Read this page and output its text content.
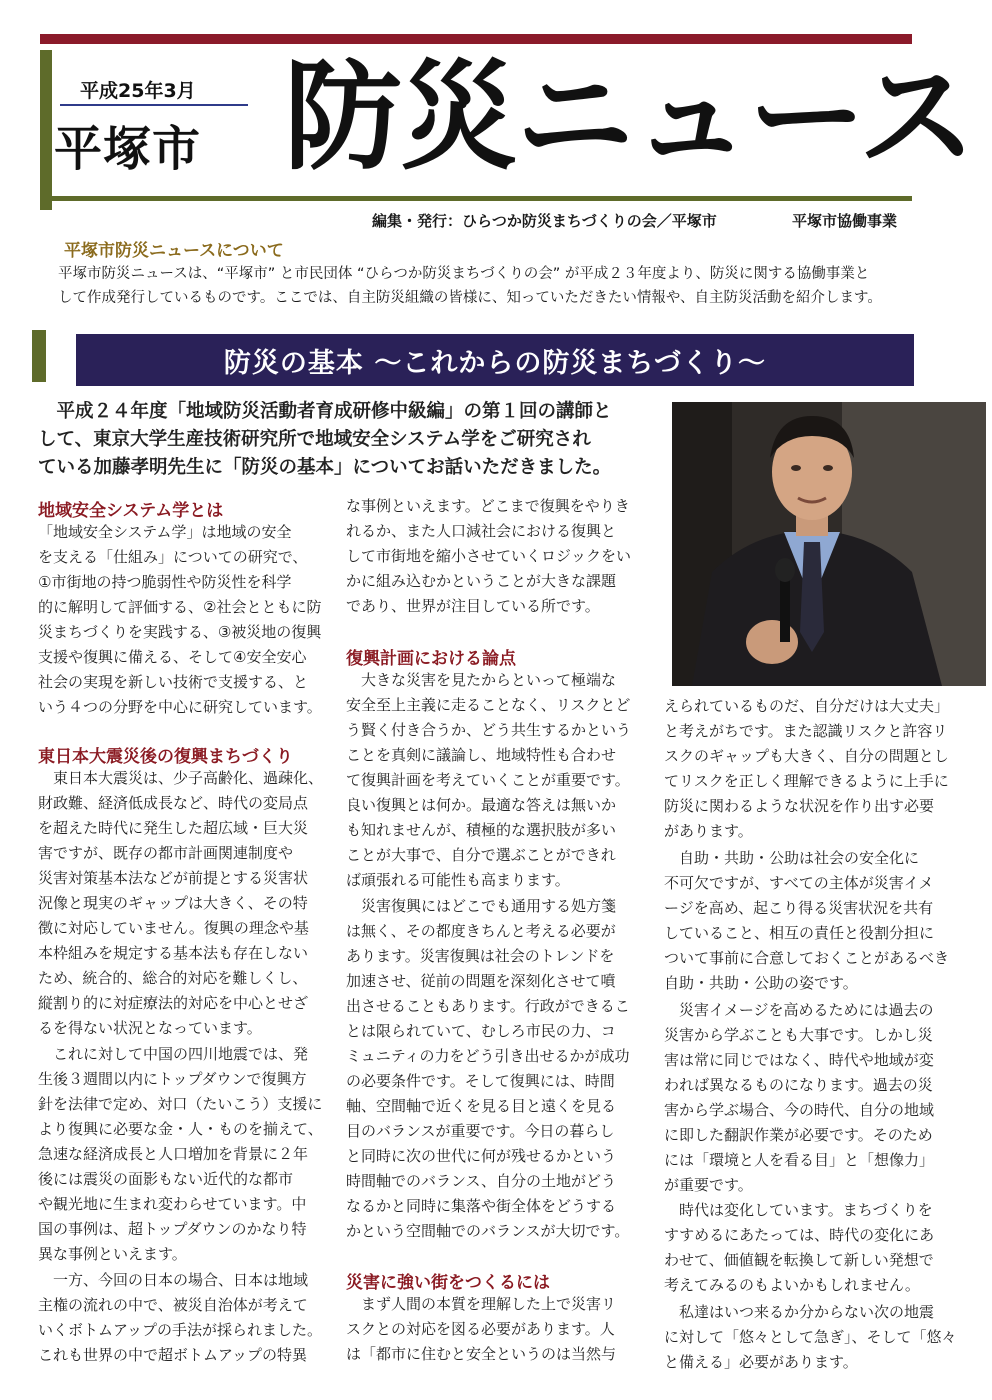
平成25年3月
平塚市 防災ニュース
編集・発行：ひらつか防災まちづくりの会／平塚市	平塚市協働事業
平塚市防災ニュースについて
平塚市防災ニュースは、“平塚市” と市民団体 “ひらつか防災まちづくりの会” が平成２３年度より、防災に関する協働事業と
して作成発行しているものです。ここでは、自主防災組織の皆様に、知っていただきたい情報や、自主防災活動を紹介します。
防災の基本 〜これからの防災まちづくり〜
　平成２４年度「地域防災活動者育成研修中級編」の第１回の講師と
して、東京大学生産技術研究所で地域安全システム学をご研究され
ている加藤孝明先生に「防災の基本」についてお話いただきました。
地域安全システム学とは
「地域安全システム学」は地域の安全
を支える「仕組み」についての研究で、
①市街地の持つ脆弱性や防災性を科学
的に解明して評価する、②社会とともに防
災まちづくりを実践する、③被災地の復興
支援や復興に備える、そして④安全安心
社会の実現を新しい技術で支援する、と
いう４つの分野を中心に研究しています。
東日本大震災後の復興まちづくり
東日本大震災は、少子高齢化、過疎化、
財政難、経済低成長など、時代の変局点
を超えた時代に発生した超広域・巨大災
害ですが、既存の都市計画関連制度や
災害対策基本法などが前提とする災害状
況像と現実のギャップは大きく、その特
徴に対応していません。復興の理念や基
本枠組みを規定する基本法も存在しない
ため、統合的、総合的対応を難しくし、
縦割り的に対症療法的対応を中心とせざ
るを得ない状況となっています。
これに対して中国の四川地震では、発
生後３週間以内にトップダウンで復興方
針を法律で定め、対口（たいこう）支援に
より復興に必要な金・人・ものを揃えて、
急速な経済成長と人口増加を背景に２年
後には震災の面影もない近代的な都市
や観光地に生まれ変わらせています。中
国の事例は、超トップダウンのかなり特
異な事例といえます。
一方、今回の日本の場合、日本は地域
主権の流れの中で、被災自治体が考えて
いくボトムアップの手法が採られました。
これも世界の中で超ボトムアップの特異
な事例といえます。どこまで復興をやりき
れるか、また人口減社会における復興と
して市街地を縮小させていくロジックをい
かに組み込むかということが大きな課題
であり、世界が注目している所です。
復興計画における論点
大きな災害を見たからといって極端な
安全至上主義に走ることなく、リスクとど
う賢く付き合うか、どう共生するかという
ことを真剣に議論し、地域特性も合わせ
て復興計画を考えていくことが重要です。
良い復興とは何か。最適な答えは無いか
も知れませんが、積極的な選択肢が多い
ことが大事で、自分で選ぶことができれ
ば頑張れる可能性も高まります。
災害復興にはどこでも通用する処方箋
は無く、その都度きちんと考える必要が
あります。災害復興は社会のトレンドを
加速させ、従前の問題を深刻化させて噴
出させることもあります。行政ができるこ
とは限られていて、むしろ市民の力、コ
ミュニティの力をどう引き出せるかが成功
の必要条件です。そして復興には、時間
軸、空間軸で近くを見る目と遠くを見る
目のバランスが重要です。今日の暮らし
と同時に次の世代に何が残せるかという
時間軸でのバランス、自分の土地がどう
なるかと同時に集落や街全体をどうする
かという空間軸でのバランスが大切です。
災害に強い街をつくるには
まず人間の本質を理解した上で災害リ
スクとの対応を図る必要があります。人
は「都市に住むと安全というのは当然与
えられているものだ、自分だけは大丈夫」
と考えがちです。また認識リスクと許容リ
スクのギャップも大きく、自分の問題とし
てリスクを正しく理解できるように上手に
防災に関わるような状況を作り出す必要
があります。
自助・共助・公助は社会の安全化に
不可欠ですが、すべての主体が災害イメ
ージを高め、起こり得る災害状況を共有
していること、相互の責任と役割分担に
ついて事前に合意しておくことがあるべき
自助・共助・公助の姿です。
災害イメージを高めるためには過去の
災害から学ぶことも大事です。しかし災
害は常に同じではなく、時代や地域が変
われば異なるものになります。過去の災
害から学ぶ場合、今の時代、自分の地域
に即した翻訳作業が必要です。そのため
には「環境と人を看る目」と「想像力」
が重要です。
時代は変化しています。まちづくりを
すすめるにあたっては、時代の変化にあ
わせて、価値観を転換して新しい発想で
考えてみるのもよいかもしれません。
私達はいつ来るか分からない次の地震
に対して「悠々として急ぎ」、そして「悠々
と備える」必要があります。
